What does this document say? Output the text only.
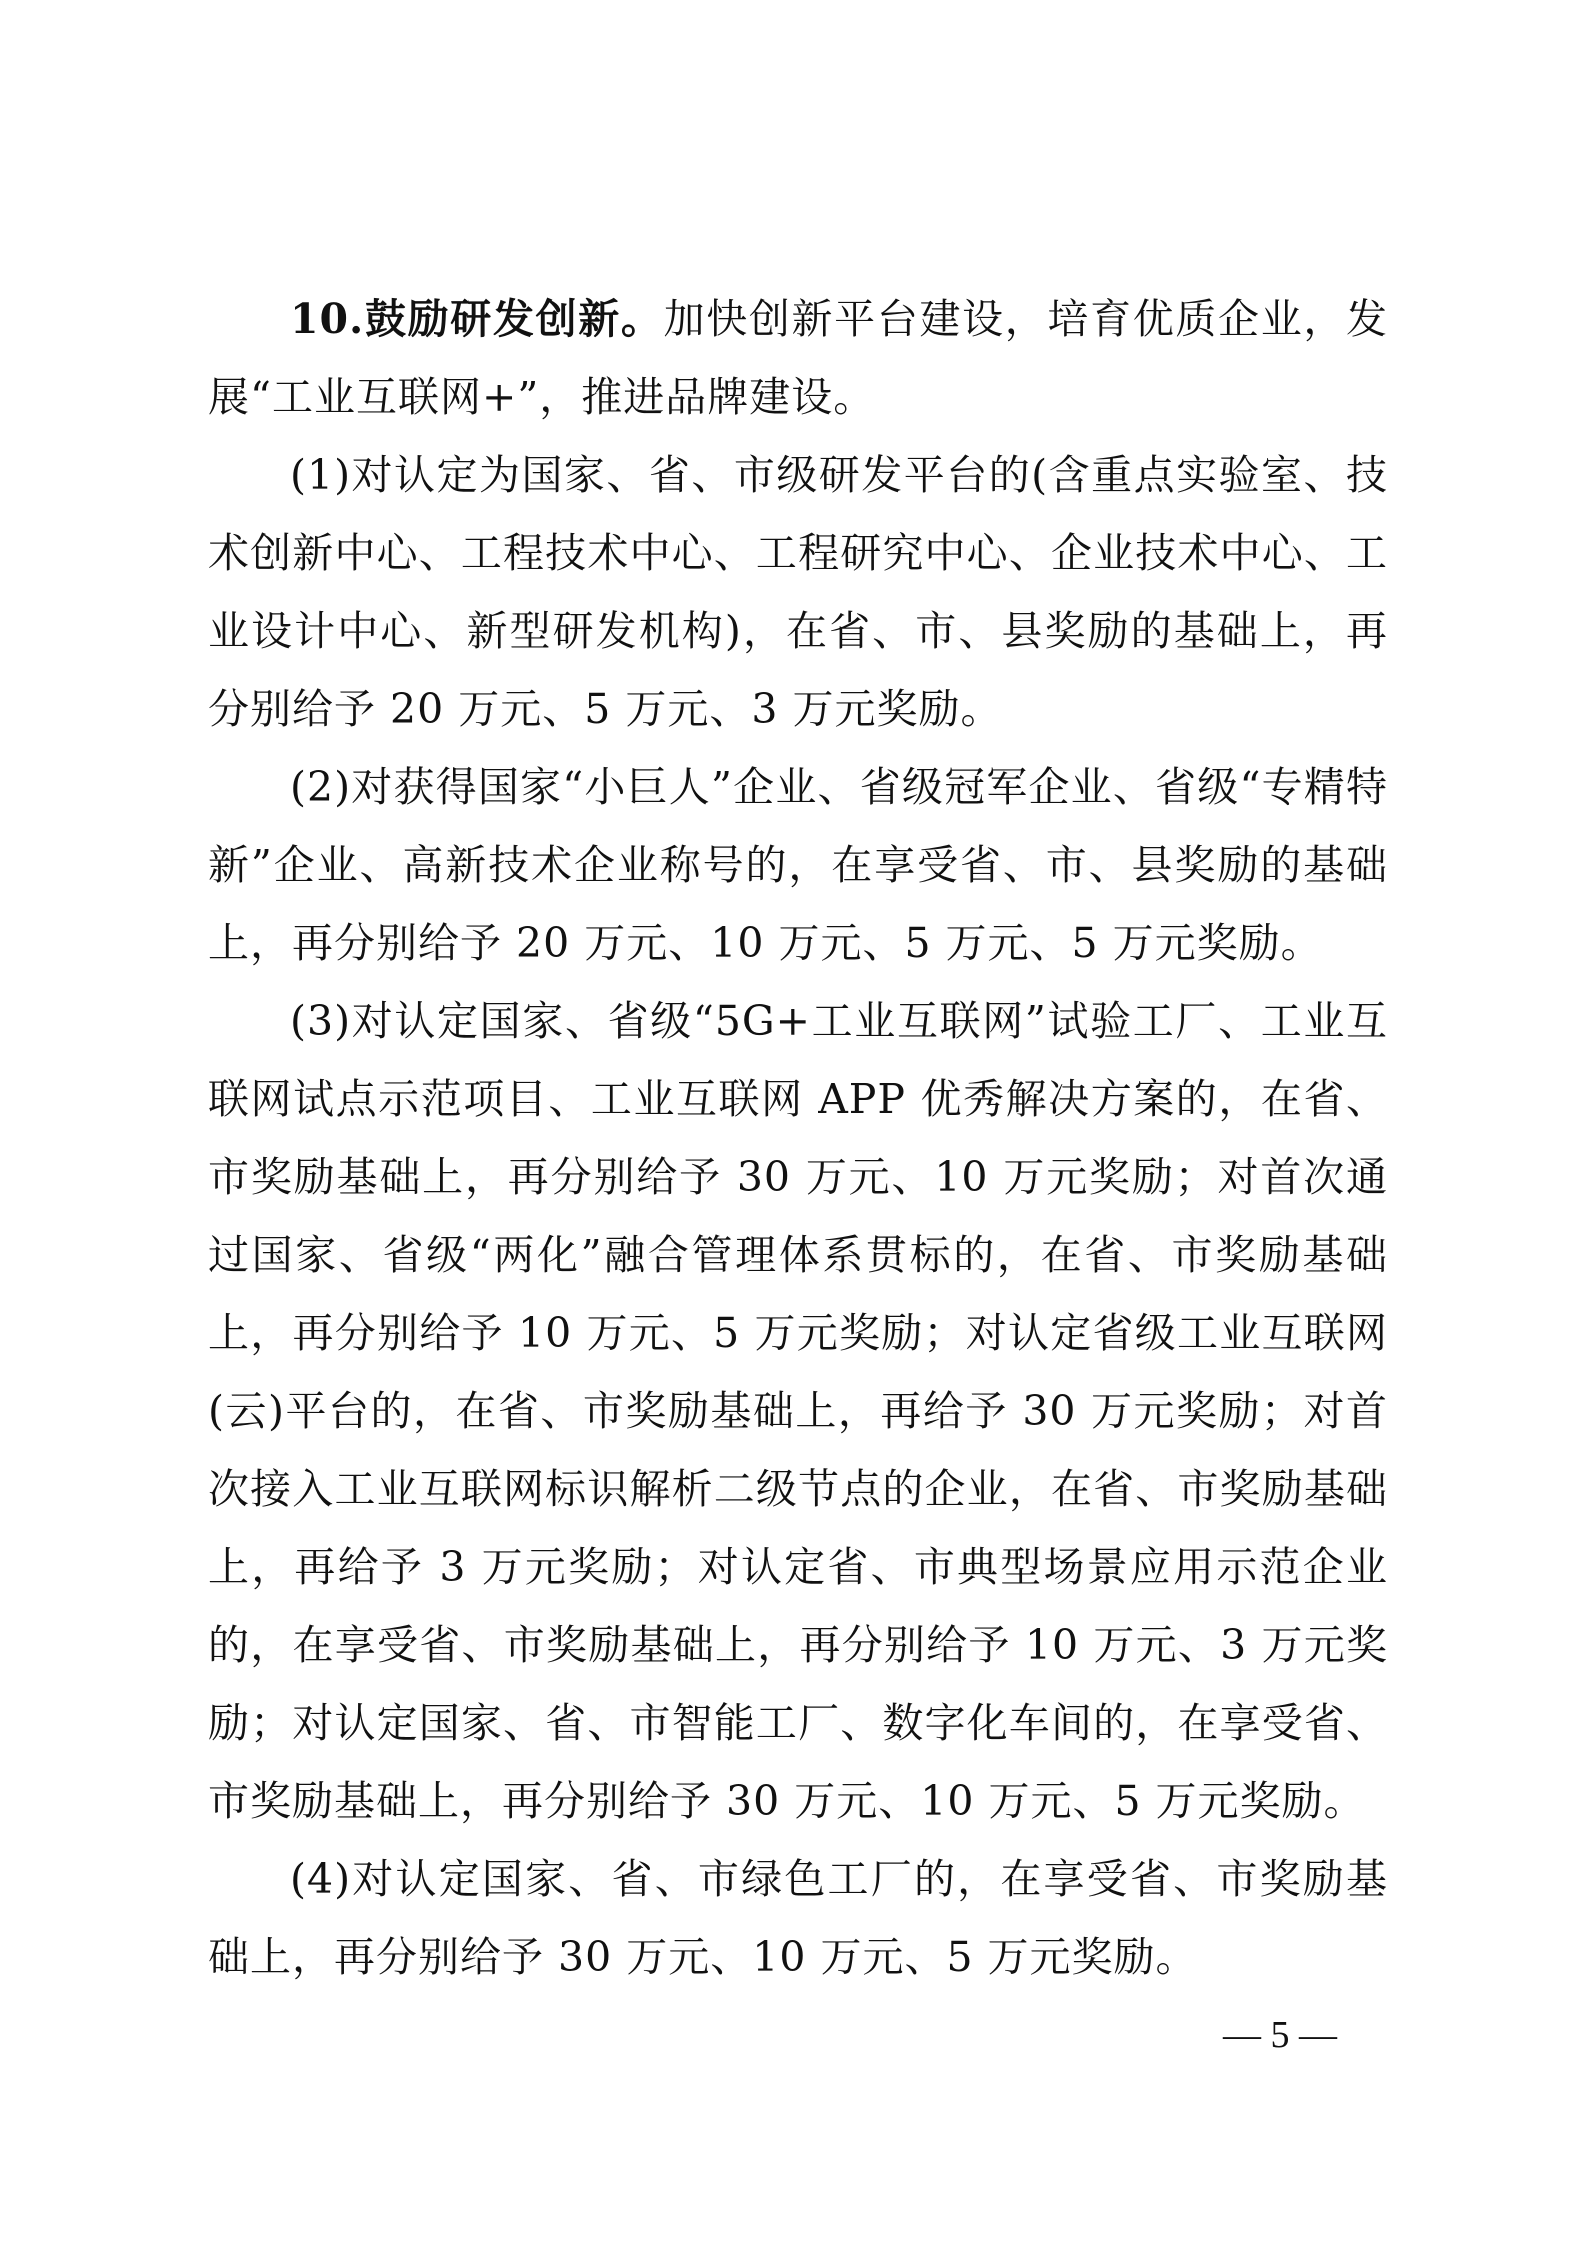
10.鼓励研发创新。加快创新平台建设，培育优质企业，发展“工业互联网+”，推进品牌建设。

(1)对认定为国家、省、市级研发平台的(含重点实验室、技术创新中心、工程技术中心、工程研究中心、企业技术中心、工业设计中心、新型研发机构)，在省、市、县奖励的基础上，再分别给予 20 万元、5 万元、3 万元奖励。

(2)对获得国家“小巨人”企业、省级冠军企业、省级“专精特新”企业、高新技术企业称号的，在享受省、市、县奖励的基础上，再分别给予 20 万元、10 万元、5 万元、5 万元奖励。

(3)对认定国家、省级“5G+工业互联网”试验工厂、工业互联网试点示范项目、工业互联网 APP 优秀解决方案的，在省、市奖励基础上，再分别给予 30 万元、10 万元奖励；对首次通过国家、省级“两化”融合管理体系贯标的，在省、市奖励基础上，再分别给予 10 万元、5 万元奖励；对认定省级工业互联网(云)平台的，在省、市奖励基础上，再给予 30 万元奖励；对首次接入工业互联网标识解析二级节点的企业，在省、市奖励基础上，再给予 3 万元奖励；对认定省、市典型场景应用示范企业的，在享受省、市奖励基础上，再分别给予 10 万元、3 万元奖励；对认定国家、省、市智能工厂、数字化车间的，在享受省、市奖励基础上，再分别给予 30 万元、10 万元、5 万元奖励。

(4)对认定国家、省、市绿色工厂的，在享受省、市奖励基础上，再分别给予 30 万元、10 万元、5 万元奖励。

— 5 —
